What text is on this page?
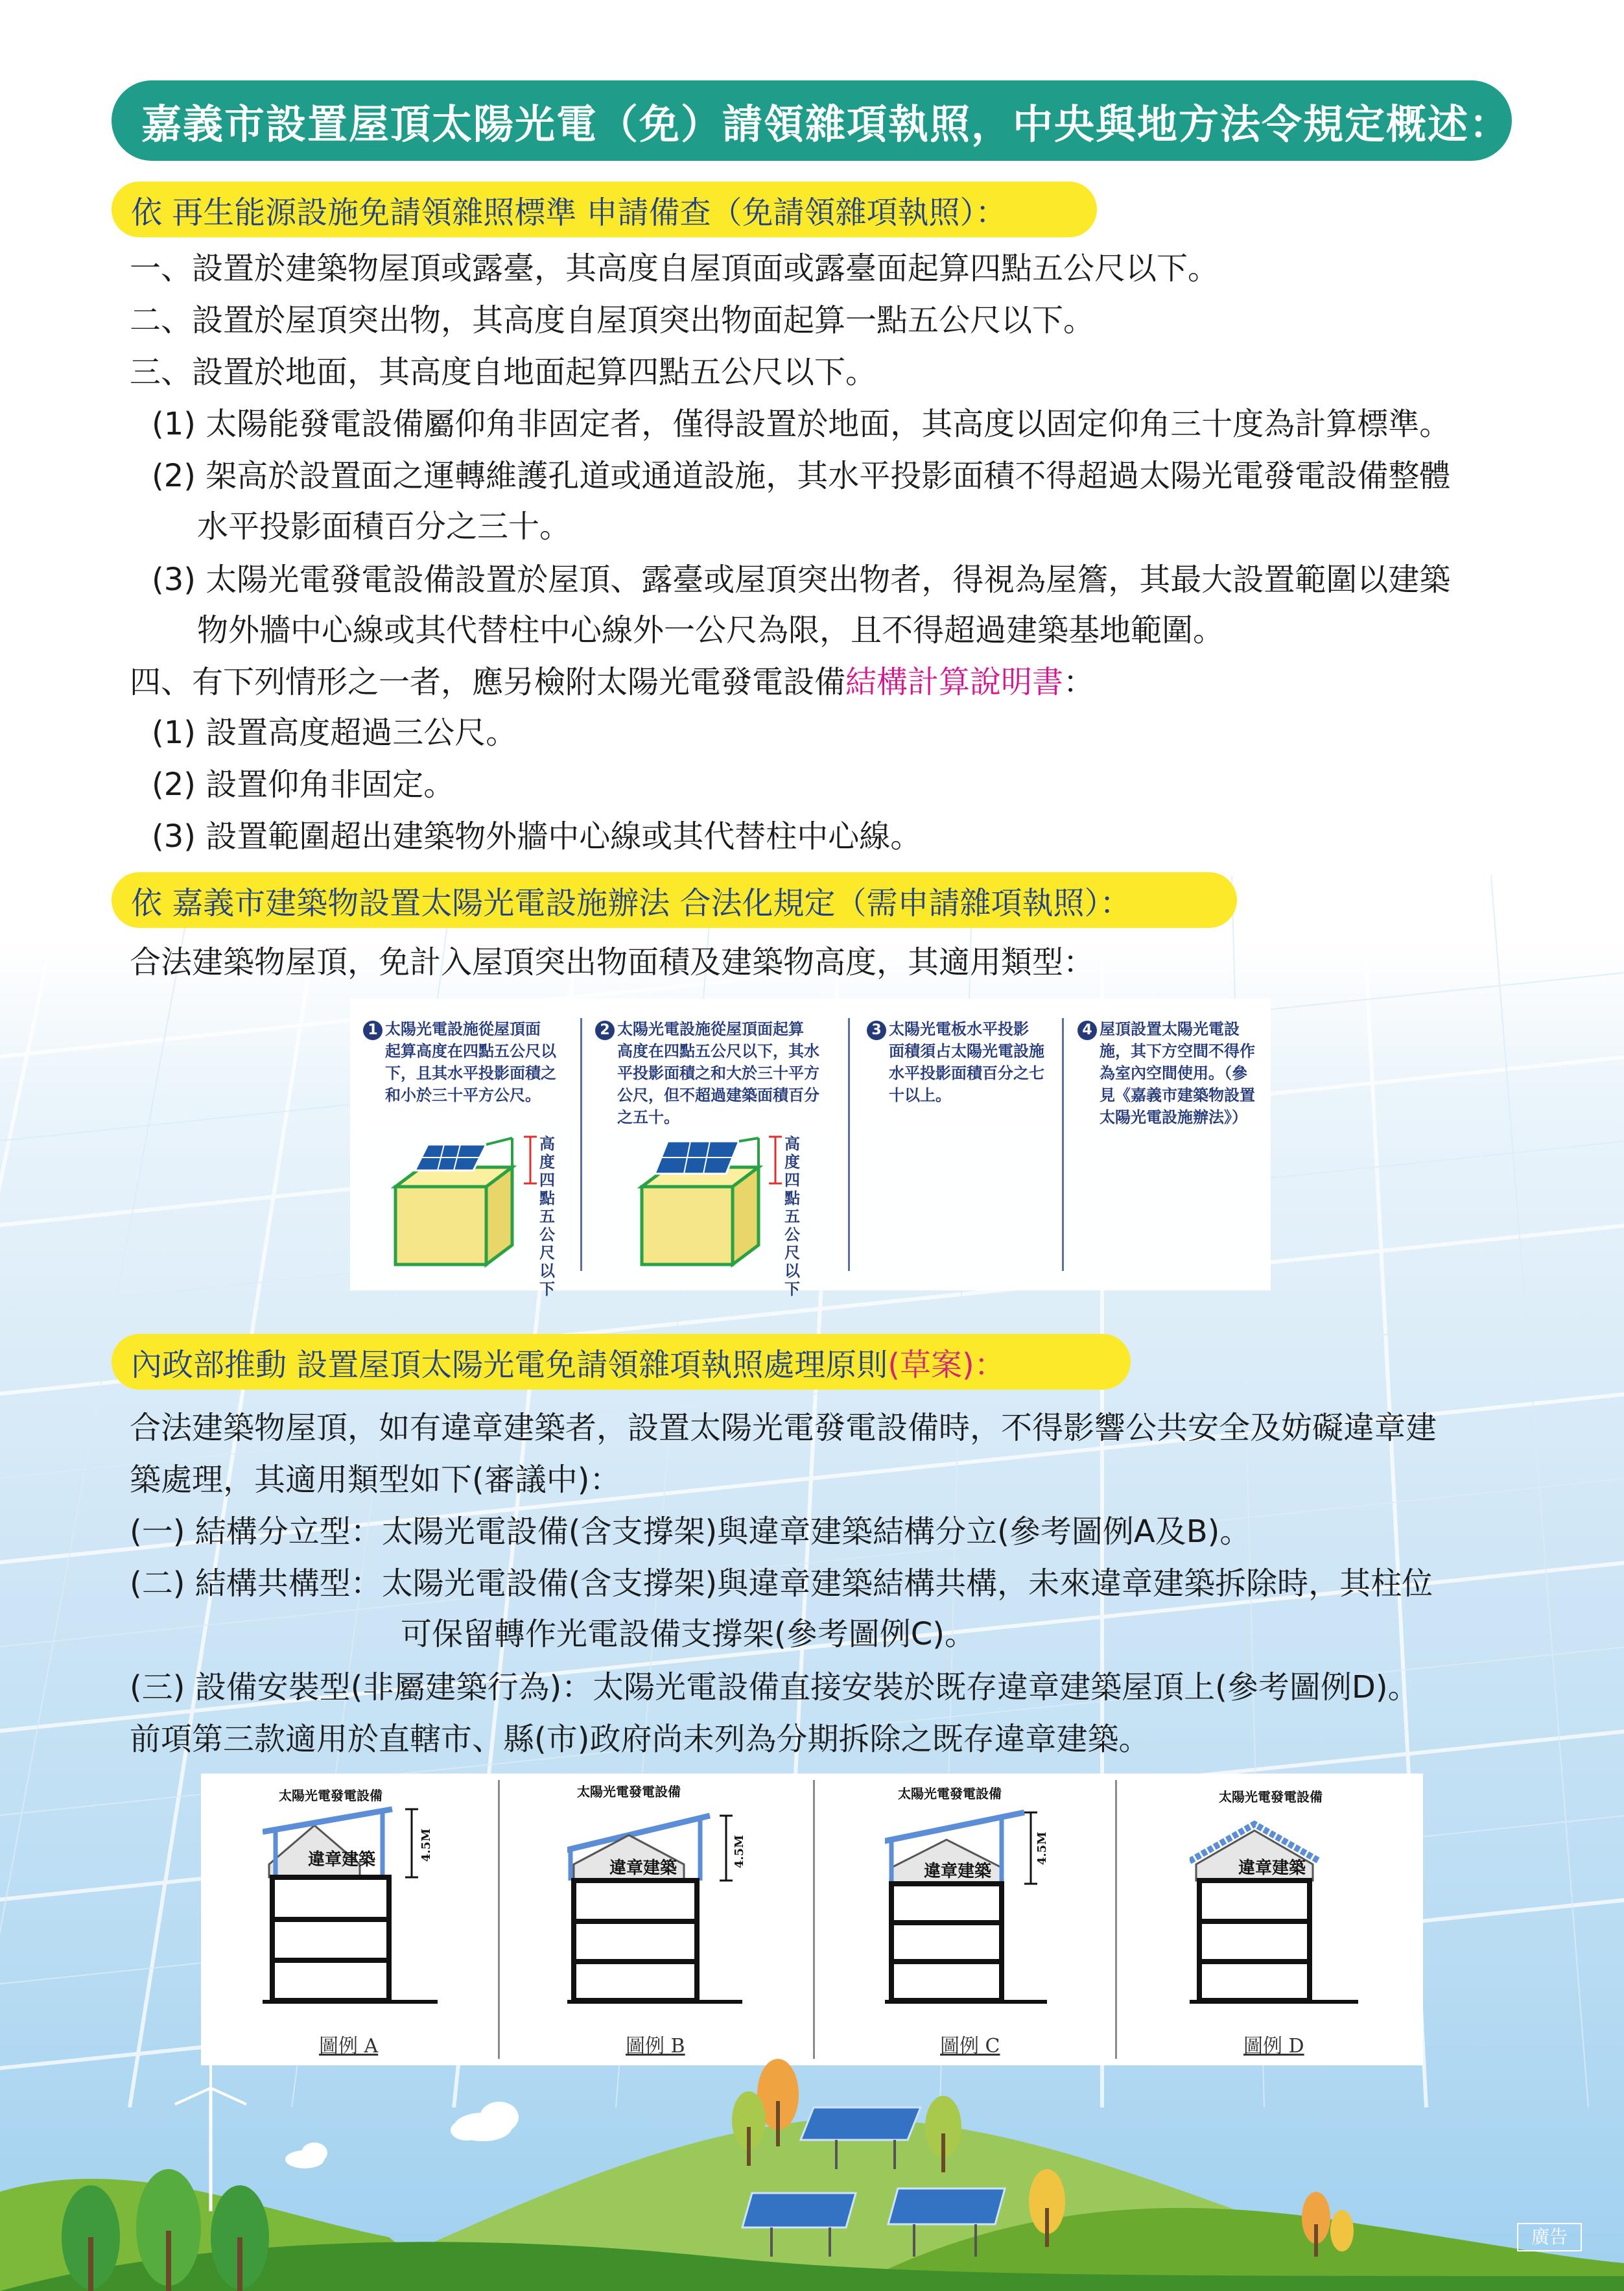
嘉義市設置屋頂太陽光電（免）請領雜項執照，中央與地方法令規定概述：
依 再生能源設施免請領雜照標準 申請備查（免請領雜項執照）：
一、設置於建築物屋頂或露臺，其高度自屋頂面或露臺面起算四點五公尺以下。
二、設置於屋頂突出物，其高度自屋頂突出物面起算一點五公尺以下。
三、設置於地面，其高度自地面起算四點五公尺以下。
(1) 太陽能發電設備屬仰角非固定者，僅得設置於地面，其高度以固定仰角三十度為計算標準。
(2) 架高於設置面之運轉維護孔道或通道設施，其水平投影面積不得超過太陽光電發電設備整體
水平投影面積百分之三十。
(3) 太陽光電發電設備設置於屋頂、露臺或屋頂突出物者，得視為屋簷，其最大設置範圍以建築
物外牆中心線或其代替柱中心線外一公尺為限，且不得超過建築基地範圍。
四、有下列情形之一者，應另檢附太陽光電發電設備結構計算說明書：
(1) 設置高度超過三公尺。
(2) 設置仰角非固定。
(3) 設置範圍超出建築物外牆中心線或其代替柱中心線。
依 嘉義市建築物設置太陽光電設施辦法 合法化規定（需申請雜項執照）：
合法建築物屋頂，免計入屋頂突出物面積及建築物高度，其適用類型：
1 太陽光電設施從屋頂面
起算高度在四點五公尺以
下，且其水平投影面積之
和小於三十平方公尺。
2 太陽光電設施從屋頂面起算
高度在四點五公尺以下，其水
平投影面積之和大於三十平方
公尺，但不超過建築面積百分
之五十。
3 太陽光電板水平投影
面積須占太陽光電設施
水平投影面積百分之七
十以上。
4 屋頂設置太陽光電設
施，其下方空間不得作
為室內空間使用。（參
見《嘉義市建築物設置
太陽光電設施辦法》）
高度四點五公尺以下
高度四點五公尺以下
內政部推動 設置屋頂太陽光電免請領雜項執照處理原則(草案)：
合法建築物屋頂，如有違章建築者，設置太陽光電發電設備時，不得影響公共安全及妨礙違章建
築處理，其適用類型如下(審議中)：
(一) 結構分立型：太陽光電設備(含支撐架)與違章建築結構分立(參考圖例A及B)。
(二) 結構共構型：太陽光電設備(含支撐架)與違章建築結構共構，未來違章建築拆除時，其柱位
可保留轉作光電設備支撐架(參考圖例C)。
(三) 設備安裝型(非屬建築行為)：太陽光電設備直接安裝於既存違章建築屋頂上(參考圖例D)。
前項第三款適用於直轄市、縣(市)政府尚未列為分期拆除之既存違章建築。
太陽光電發電設備
違章建築	4.5M
圖例 A
太陽光電發電設備
違章建築	4.5M
圖例 B
太陽光電發電設備
違章建築
4.5M
圖例 C
太陽光電發電設備
違章建築
圖例 D
廣告
